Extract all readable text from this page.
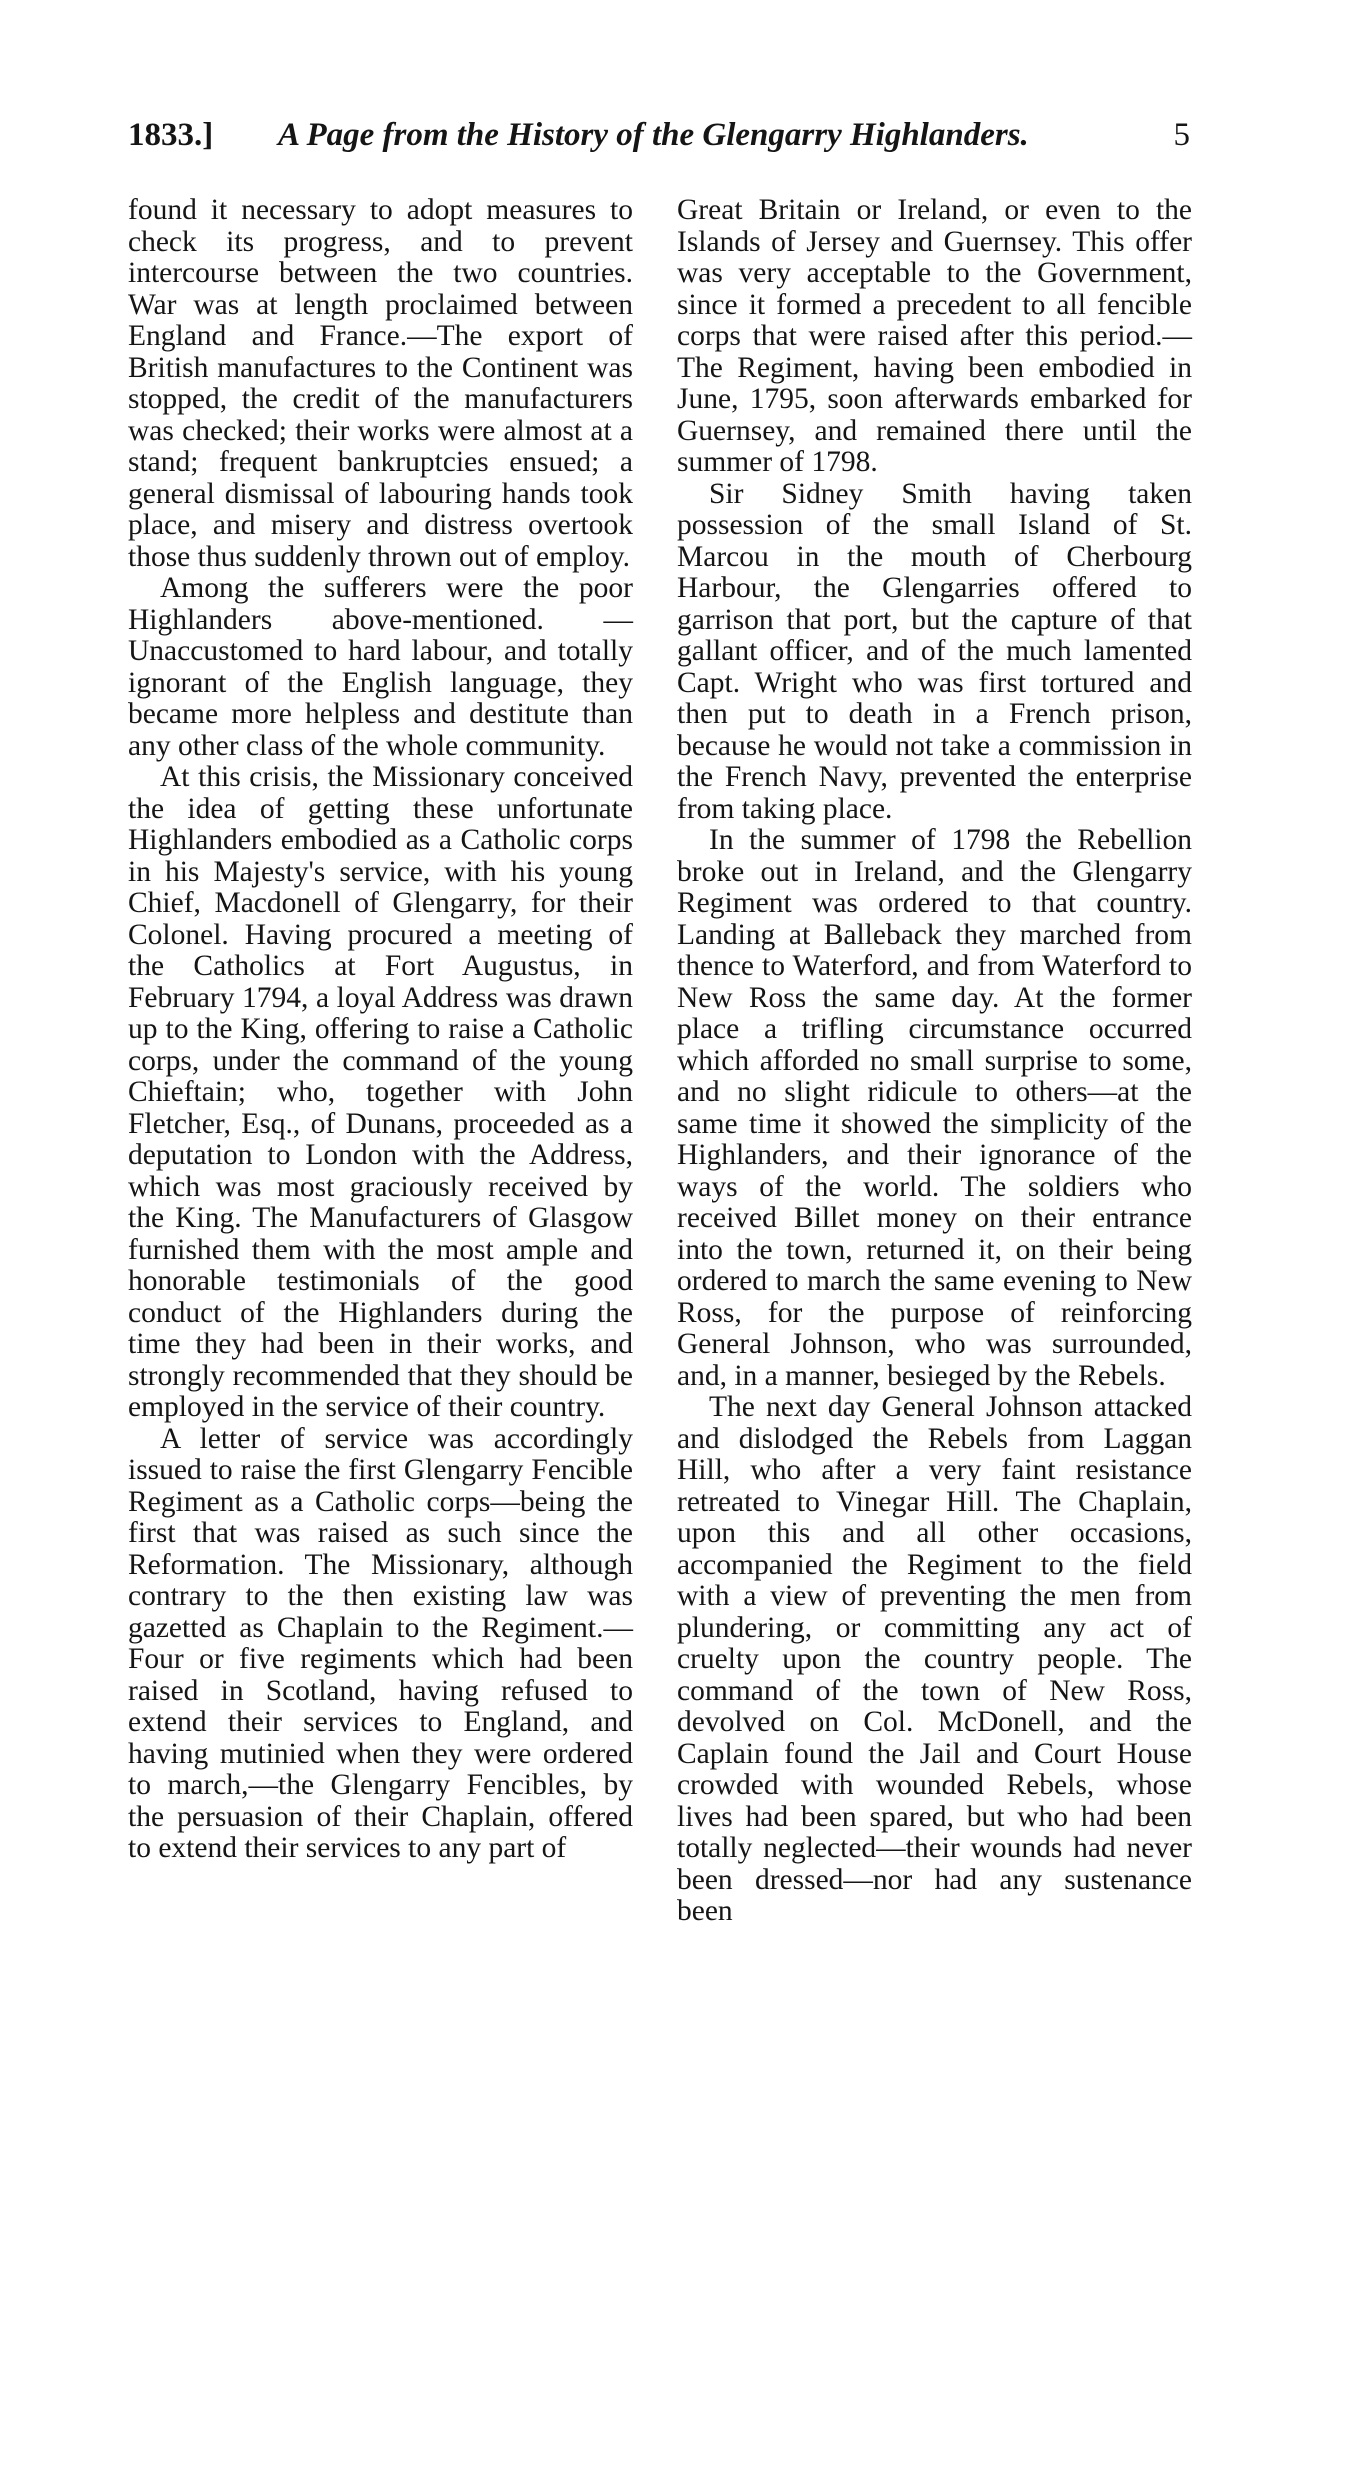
1833.] A Page from the History of the Glengarry Highlanders.	5

found it necessary to adopt measures to check its progress, and to prevent intercourse between the two countries. War was at length proclaimed between England and France.—The export of British manufactures to the Continent was stopped, the credit of the manufacturers was checked; their works were almost at a stand; frequent bankruptcies ensued; a general dismissal of labouring hands took place, and misery and distress overtook those thus suddenly thrown out of employ.

Among the sufferers were the poor Highlanders above-mentioned. —Unaccustomed to hard labour, and totally ignorant of the English language, they became more helpless and destitute than any other class of the whole community.

At this crisis, the Missionary conceived the idea of getting these unfortunate Highlanders embodied as a Catholic corps in his Majesty's service, with his young Chief, Macdonell of Glengarry, for their Colonel. Having procured a meeting of the Catholics at Fort Augustus, in February 1794, a loyal Address was drawn up to the King, offering to raise a Catholic corps, under the command of the young Chieftain; who, together with John Fletcher, Esq., of Dunans, proceeded as a deputation to London with the Address, which was most graciously received by the King. The Manufacturers of Glasgow furnished them with the most ample and honorable testimonials of the good conduct of the Highlanders during the time they had been in their works, and strongly recommended that they should be employed in the service of their country.

A letter of service was accordingly issued to raise the first Glengarry Fencible Regiment as a Catholic corps—being the first that was raised as such since the Reformation. The Missionary, although contrary to the then existing law was gazetted as Chaplain to the Regiment.—Four or five regiments which had been raised in Scotland, having refused to extend their services to England, and having mutinied when they were ordered to march,—the Glengarry Fencibles, by the persuasion of their Chaplain, offered to extend their services to any part of

Great Britain or Ireland, or even to the Islands of Jersey and Guernsey. This offer was very acceptable to the Government, since it formed a precedent to all fencible corps that were raised after this period.—The Regiment, having been embodied in June, 1795, soon afterwards embarked for Guernsey, and remained there until the summer of 1798.

Sir Sidney Smith having taken possession of the small Island of St. Marcou in the mouth of Cherbourg Harbour, the Glengarries offered to garrison that port, but the capture of that gallant officer, and of the much lamented Capt. Wright who was first tortured and then put to death in a French prison, because he would not take a commission in the French Navy, prevented the enterprise from taking place.

In the summer of 1798 the Rebellion broke out in Ireland, and the Glengarry Regiment was ordered to that country. Landing at Balleback they marched from thence to Waterford, and from Waterford to New Ross the same day. At the former place a trifling circumstance occurred which afforded no small surprise to some, and no slight ridicule to others—at the same time it showed the simplicity of the Highlanders, and their ignorance of the ways of the world. The soldiers who received Billet money on their entrance into the town, returned it, on their being ordered to march the same evening to New Ross, for the purpose of reinforcing General Johnson, who was surrounded, and, in a manner, besieged by the Rebels.

The next day General Johnson attacked and dislodged the Rebels from Laggan Hill, who after a very faint resistance retreated to Vinegar Hill. The Chaplain, upon this and all other occasions, accompanied the Regiment to the field with a view of preventing the men from plundering, or committing any act of cruelty upon the country people. The command of the town of New Ross, devolved on Col. McDonell, and the Caplain found the Jail and Court House crowded with wounded Rebels, whose lives had been spared, but who had been totally neglected—their wounds had never been dressed—nor had any sustenance been
